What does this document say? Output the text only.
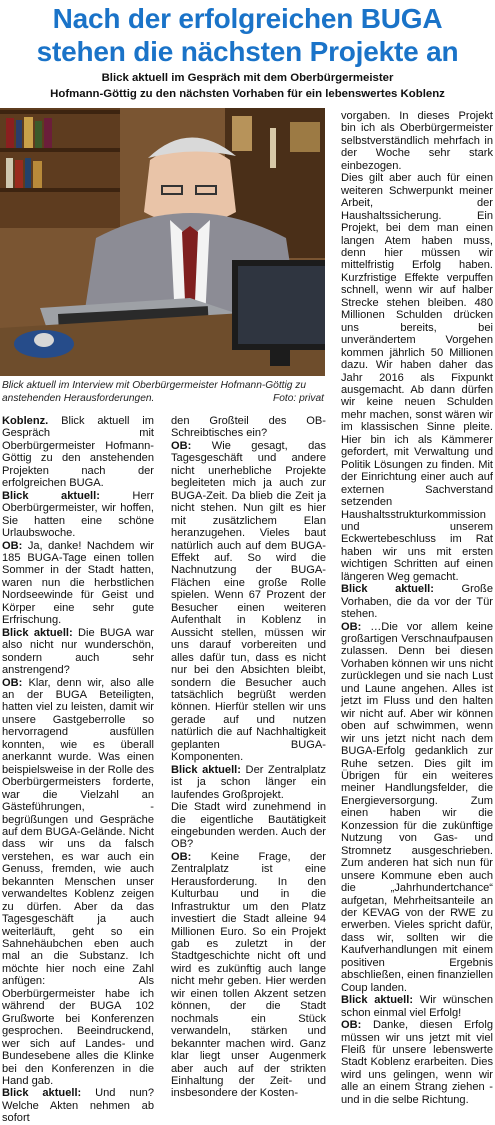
Nach der erfolgreichen BUGA
stehen die nächsten Projekte an
Blick aktuell im Gespräch mit dem Oberbürgermeister
Hofmann-Göttig zu den nächsten Vorhaben für ein lebenswertes Koblenz
Blick aktuell im Interview mit Oberbürgermeister Hofmann-Göttig zu anstehenden Herausforderungen.	Foto: privat

Koblenz. Blick aktuell im Gespräch mit Oberbürgermeister Hofmann-Göttig zu den anstehenden Projekten nach der erfolgreichen BUGA.

Blick aktuell: Herr Oberbürgermeister, wir hoffen, Sie hatten eine schöne Urlaubswoche.

OB: Ja, danke! Nachdem wir 185 BUGA-Tage einen tollen Sommer in der Stadt hatten, waren nun die herbstlichen Nordseewinde für Geist und Körper eine sehr gute Erfrischung.

Blick aktuell: Die BUGA war also nicht nur wunderschön, sondern auch sehr anstrengend?

OB: Klar, denn wir, also alle an der BUGA Beteiligten, hatten viel zu leisten, damit wir unsere Gastgeberrolle so hervorragend ausfüllen konnten, wie es überall anerkannt wurde. Was einen beispielsweise in der Rolle des Oberbürgermeisters forderte, war die Vielzahl an Gästeführungen, -begrüßungen und Gespräche auf dem BUGA-Gelände. Nicht dass wir uns da falsch verstehen, es war auch ein Genuss, fremden, wie auch bekannten Menschen unser verwandeltes Koblenz zeigen zu dürfen. Aber da das Tagesgeschäft ja auch weiterläuft, geht so ein Sahnehäubchen eben auch mal an die Substanz. Ich möchte hier noch eine Zahl anfügen: Als Oberbürgermeister habe ich während der BUGA 102 Grußworte bei Konferenzen gesprochen. Beeindruckend, wer sich auf Landes- und Bundesebene alles die Klinke bei den Konferenzen in die Hand gab.

Blick aktuell: Und nun? Welche Akten nehmen ab sofort

den Großteil des OB-Schreibtisches ein?

OB: Wie gesagt, das Tagesgeschäft und andere nicht unerhebliche Projekte begleiteten mich ja auch zur BUGA-Zeit. Da blieb die Zeit ja nicht stehen. Nun gilt es hier mit zusätzlichem Elan heranzugehen. Vieles baut natürlich auch auf dem BUGA-Effekt auf. So wird die Nachnutzung der BUGA-Flächen eine große Rolle spielen. Wenn 67 Prozent der Besucher einen weiteren Aufenthalt in Koblenz in Aussicht stellen, müssen wir uns darauf vorbereiten und alles dafür tun, dass es nicht nur bei den Absichten bleibt, sondern die Besucher auch tatsächlich begrüßt werden können. Hierfür stellen wir uns gerade auf und nutzen natürlich die auf Nachhaltigkeit geplanten BUGA-Komponenten.

Blick aktuell: Der Zentralplatz ist ja schon länger ein laufendes Großprojekt.

Die Stadt wird zunehmend in die eigentliche Bautätigkeit eingebunden werden. Auch der OB?

OB: Keine Frage, der Zentralplatz ist eine Herausforderung. In den Kulturbau und in die Infrastruktur um den Platz investiert die Stadt alleine 94 Millionen Euro. So ein Projekt gab es zuletzt in der Stadtgeschichte nicht oft und wird es zukünftig auch lange nicht mehr geben. Hier werden wir einen tollen Akzent setzen können, der die Stadt nochmals ein Stück verwandeln, stärken und bekannter machen wird. Ganz klar liegt unser Augenmerk aber auch auf der strikten Einhaltung der Zeit- und insbesondere der Kosten-

vorgaben. In dieses Projekt bin ich als Oberbürgermeister selbstverständlich mehrfach in der Woche sehr stark einbezogen.

Dies gilt aber auch für einen weiteren Schwerpunkt meiner Arbeit, der Haushaltssicherung. Ein Projekt, bei dem man einen langen Atem haben muss, denn hier müssen wir mittelfristig Erfolg haben. Kurzfristige Effekte verpuffen schnell, wenn wir auf halber Strecke stehen bleiben. 480 Millionen Schulden drücken uns bereits, bei unverändertem Vorgehen kommen jährlich 50 Millionen dazu. Wir haben daher das Jahr 2016 als Fixpunkt ausgemacht. Ab dann dürfen wir keine neuen Schulden mehr machen, sonst wären wir im klassischen Sinne pleite. Hier bin ich als Kämmerer gefordert, mit Verwaltung und Politik Lösungen zu finden. Mit der Einrichtung einer auch auf externen Sachverstand setzenden Haushaltsstrukturkommission und unserem Eckwertebeschluss im Rat haben wir uns mit ersten wichtigen Schritten auf einen längeren Weg gemacht.

Blick aktuell: Große Vorhaben, die da vor der Tür stehen.

OB: …Die vor allem keine großartigen Verschnaufpausen zulassen. Denn bei diesen Vorhaben können wir uns nicht zurücklegen und sie nach Lust und Laune angehen. Alles ist jetzt im Fluss und den halten wir nicht auf. Aber wir können oben auf schwimmen, wenn wir uns jetzt nicht nach dem BUGA-Erfolg gedanklich zur Ruhe setzen. Dies gilt im Übrigen für ein weiteres meiner Handlungsfelder, die Energieversorgung. Zum einen haben wir die Konzession für die zukünftige Nutzung von Gas- und Stromnetz ausgeschrieben. Zum anderen hat sich nun für unsere Kommune eben auch die „Jahrhundertchance“ aufgetan, Mehrheitsanteile an der KEVAG von der RWE zu erwerben. Vieles spricht dafür, dass wir, sollten wir die Kaufverhandlungen mit einem positiven Ergebnis abschließen, einen finanziellen Coup landen.

Blick aktuell: Wir wünschen schon einmal viel Erfolg!

OB: Danke, diesen Erfolg müssen wir uns jetzt mit viel Fleiß für unsere lebenswerte Stadt Koblenz erarbeiten. Dies wird uns gelingen, wenn wir alle an einem Strang ziehen - und in die selbe Richtung.
